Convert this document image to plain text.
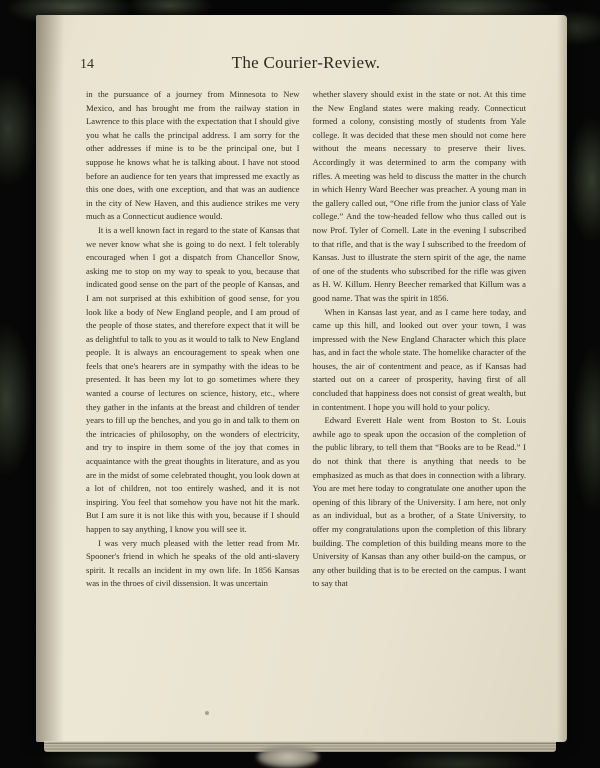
14	The Courier-Review.

in the pursuance of a journey from Minnesota to New Mexico, and has brought me from the railway station in Lawrence to this place with the expectation that I should give you what he calls the principal address. I am sorry for the other addresses if mine is to be the principal one, but I suppose he knows what he is talking about. I have not stood before an audience for ten years that impressed me exactly as this one does, with one exception, and that was an audience in the city of New Haven, and this audience strikes me very much as a Connecticut audience would.

It is a well known fact in regard to the state of Kansas that we never know what she is going to do next. I felt tolerably encouraged when I got a dispatch from Chancellor Snow, asking me to stop on my way to speak to you, because that indicated good sense on the part of the people of Kansas, and I am not surprised at this exhibition of good sense, for you look like a body of New England people, and I am proud of the people of those states, and therefore expect that it will be as delightful to talk to you as it would to talk to New England people. It is always an encouragement to speak when one feels that one's hearers are in sympathy with the ideas to be presented. It has been my lot to go sometimes where they wanted a course of lectures on science, history, etc., where they gather in the infants at the breast and children of tender years to fill up the benches, and you go in and talk to them on the intricacies of philosophy, on the wonders of electricity, and try to inspire in them some of the joy that comes in acquaintance with the great thoughts in literature, and as you are in the midst of some celebrated thought, you look down at a lot of children, not too entirely washed, and it is not inspiring. You feel that somehow you have not hit the mark. But I am sure it is not like this with you, because if I should happen to say anything, I know you will see it.

I was very much pleased with the letter read from Mr. Spooner's friend in which he speaks of the old anti-slavery spirit. It recalls an incident in my own life. In 1856 Kansas was in the throes of civil dissension. It was uncertain

whether slavery should exist in the state or not. At this time the New England states were making ready. Connecticut formed a colony, consisting mostly of students from Yale college. It was decided that these men should not come here without the means necessary to preserve their lives. Accordingly it was determined to arm the company with rifles. A meeting was held to discuss the matter in the church in which Henry Ward Beecher was preacher. A young man in the gallery called out, “One rifle from the junior class of Yale college.” And the tow-headed fellow who thus called out is now Prof. Tyler of Cornell. Late in the evening I subscribed to that rifle, and that is the way I subscribed to the freedom of Kansas. Just to illustrate the stern spirit of the age, the name of one of the students who subscribed for the rifle was given as H. W. Killum. Henry Beecher remarked that Killum was a good name. That was the spirit in 1856.

When in Kansas last year, and as I came here today, and came up this hill, and looked out over your town, I was impressed with the New England Character which this place has, and in fact the whole state. The homelike character of the houses, the air of contentment and peace, as if Kansas had started out on a career of prosperity, having first of all concluded that happiness does not consist of great wealth, but in contentment. I hope you will hold to your policy.

Edward Everett Hale went from Boston to St. Louis awhile ago to speak upon the occasion of the completion of the public library, to tell them that “Books are to be Read.” I do not think that there is anything that needs to be emphasized as much as that does in connection with a library. You are met here today to congratulate one another upon the opening of this library of the University. I am here, not only as an individual, but as a brother, of a State University, to offer my congratulations upon the completion of this library building. The completion of this building means more to the University of Kansas than any other build-on the campus, or any other building that is to be erected on the campus. I want to say that
